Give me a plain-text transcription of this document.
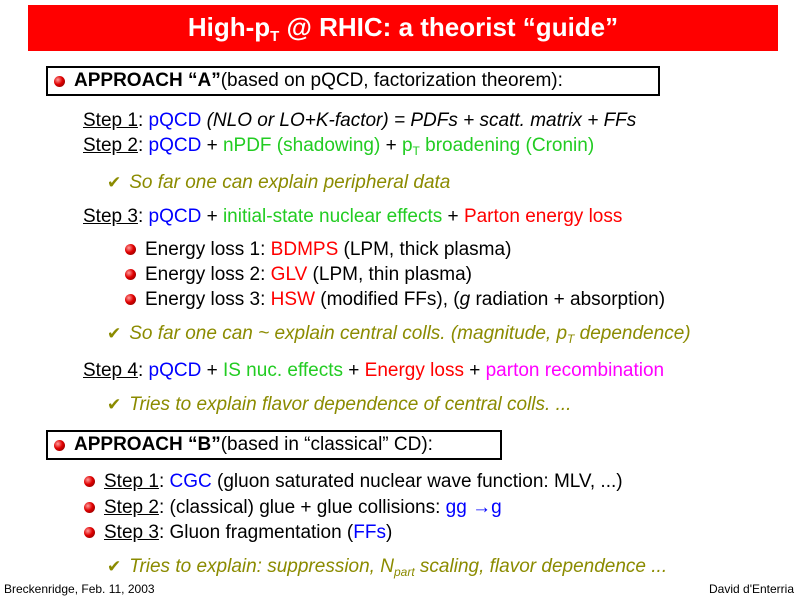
High-$p_T$ @ RHIC: a theorist “guide”
APPROACH “A” (based on pQCD, factorization theorem):
Step 1: pQCD (NLO or LO+K-factor) = PDFs + scatt. matrix + FFs
Step 2: pQCD + nPDF (shadowing) + $p_T$ broadening (Cronin)
✔ So far one can explain peripheral data
Step 3: pQCD + initial-state nuclear effects + Parton energy loss
Energy loss 1: BDMPS (LPM, thick plasma)
Energy loss 2: GLV (LPM, thin plasma)
Energy loss 3: HSW (modified FFs), (g radiation + absorption)
✔ So far one can ~ explain central colls. (magnitude, $p_T$ dependence)
Step 4: pQCD + IS nuc. effects + Energy loss + parton recombination
✔ Tries to explain flavor dependence of central colls. ...
APPROACH “B” (based in “classical” CD):
Step 1: CGC (gluon saturated nuclear wave function: MLV, ...)
Step 2: (classical) glue + glue collisions: gg →g
Step 3: Gluon fragmentation (FFs)
✔ Tries to explain: suppression, $N_{part}$ scaling, flavor dependence ...
Breckenridge, Feb. 11, 2003	David d'Enterria
